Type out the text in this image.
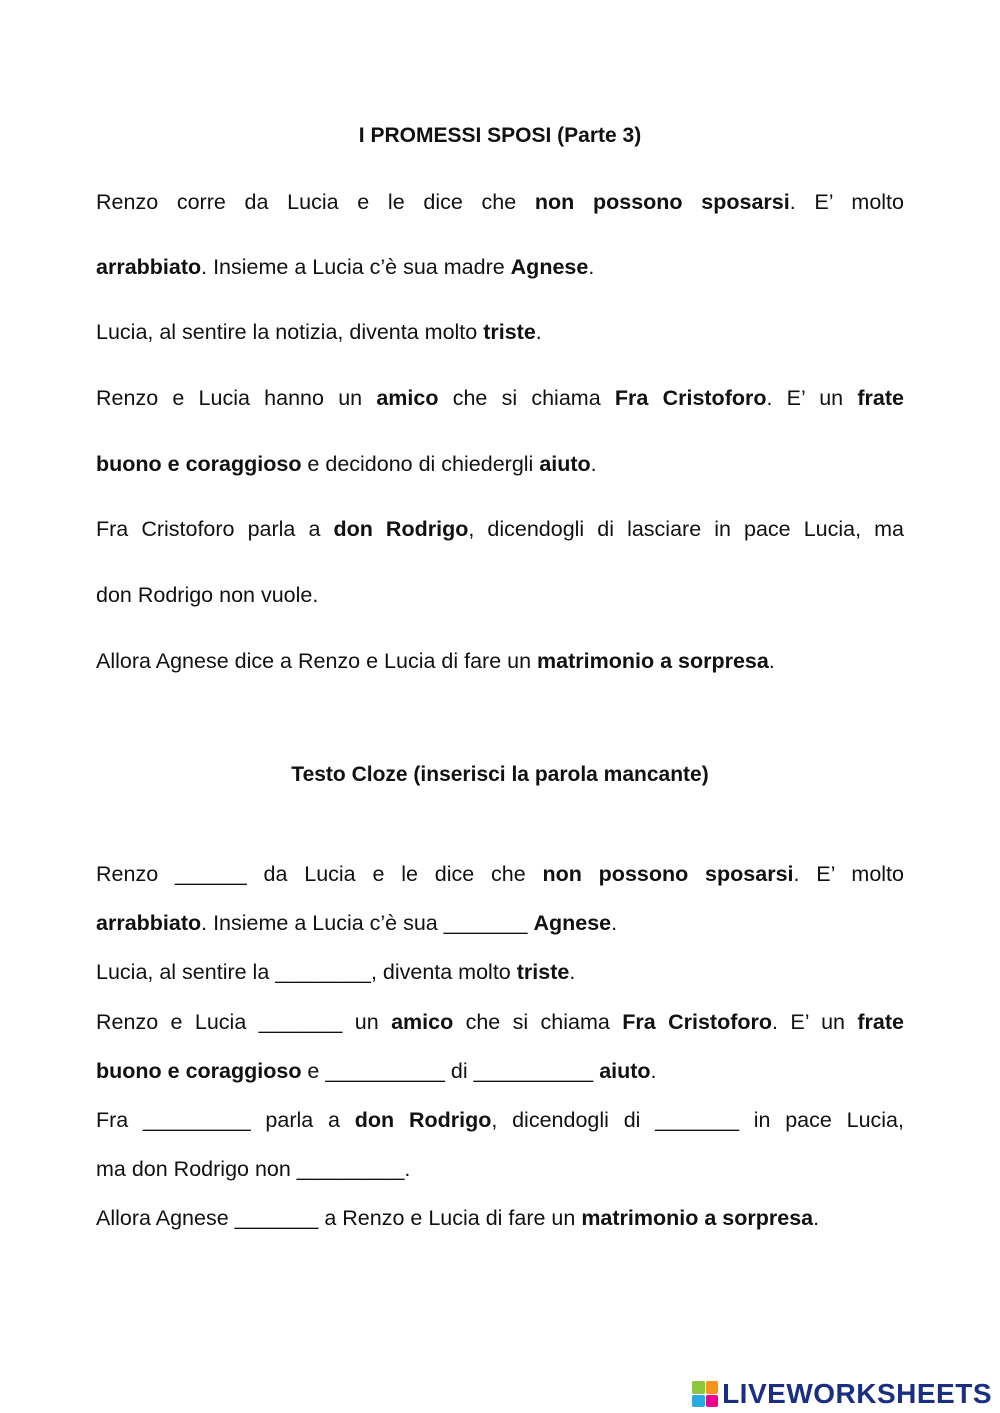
I PROMESSI SPOSI (Parte 3)
Renzo corre da Lucia e le dice che non possono sposarsi. E’ molto
arrabbiato. Insieme a Lucia c’è sua madre Agnese.
Lucia, al sentire la notizia, diventa molto triste.
Renzo e Lucia hanno un amico che si chiama Fra Cristoforo. E’ un frate
buono e coraggioso e decidono di chiedergli aiuto.
Fra Cristoforo parla a don Rodrigo, dicendogli di lasciare in pace Lucia, ma
don Rodrigo non vuole.
Allora Agnese dice a Renzo e Lucia di fare un matrimonio a sorpresa.
Testo Cloze (inserisci la parola mancante)
Renzo ______ da Lucia e le dice che non possono sposarsi. E’ molto
arrabbiato. Insieme a Lucia c’è sua _______ Agnese.
Lucia, al sentire la ________, diventa molto triste.
Renzo e Lucia _______ un amico che si chiama Fra Cristoforo. E’ un frate
buono e coraggioso e __________ di __________ aiuto.
Fra _________ parla a don Rodrigo, dicendogli di _______ in pace Lucia,
ma don Rodrigo non _________.
Allora Agnese _______ a Renzo e Lucia di fare un matrimonio a sorpresa.
LIVEWORKSHEETS
